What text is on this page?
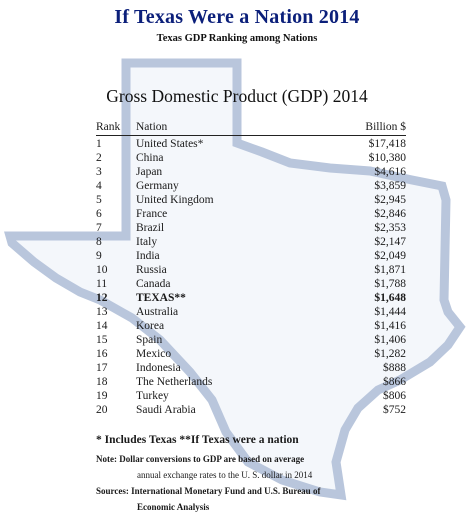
If Texas Were a Nation 2014
Texas GDP Ranking among Nations
Gross Domestic Product (GDP) 2014
Rank	Nation	Billion $
1	United States*	$17,418
2	China	$10,380
3	Japan	$4,616
4	Germany	$3,859
5	United Kingdom	$2,945
6	France	$2,846
7	Brazil	$2,353
8	Italy	$2,147
9	India	$2,049
10	Russia	$1,871
11	Canada	$1,788
12	TEXAS**	$1,648
13	Australia	$1,444
14	Korea	$1,416
15	Spain	$1,406
16	Mexico	$1,282
17	Indonesia	$888
18	The Netherlands	$866
19	Turkey	$806
20	Saudi Arabia	$752
* Includes Texas **If Texas were a nation
Note: Dollar conversions to GDP are based on average
annual exchange rates to the U. S. dollar in 2014
Sources: International Monetary Fund and U.S. Bureau of
Economic Analysis
